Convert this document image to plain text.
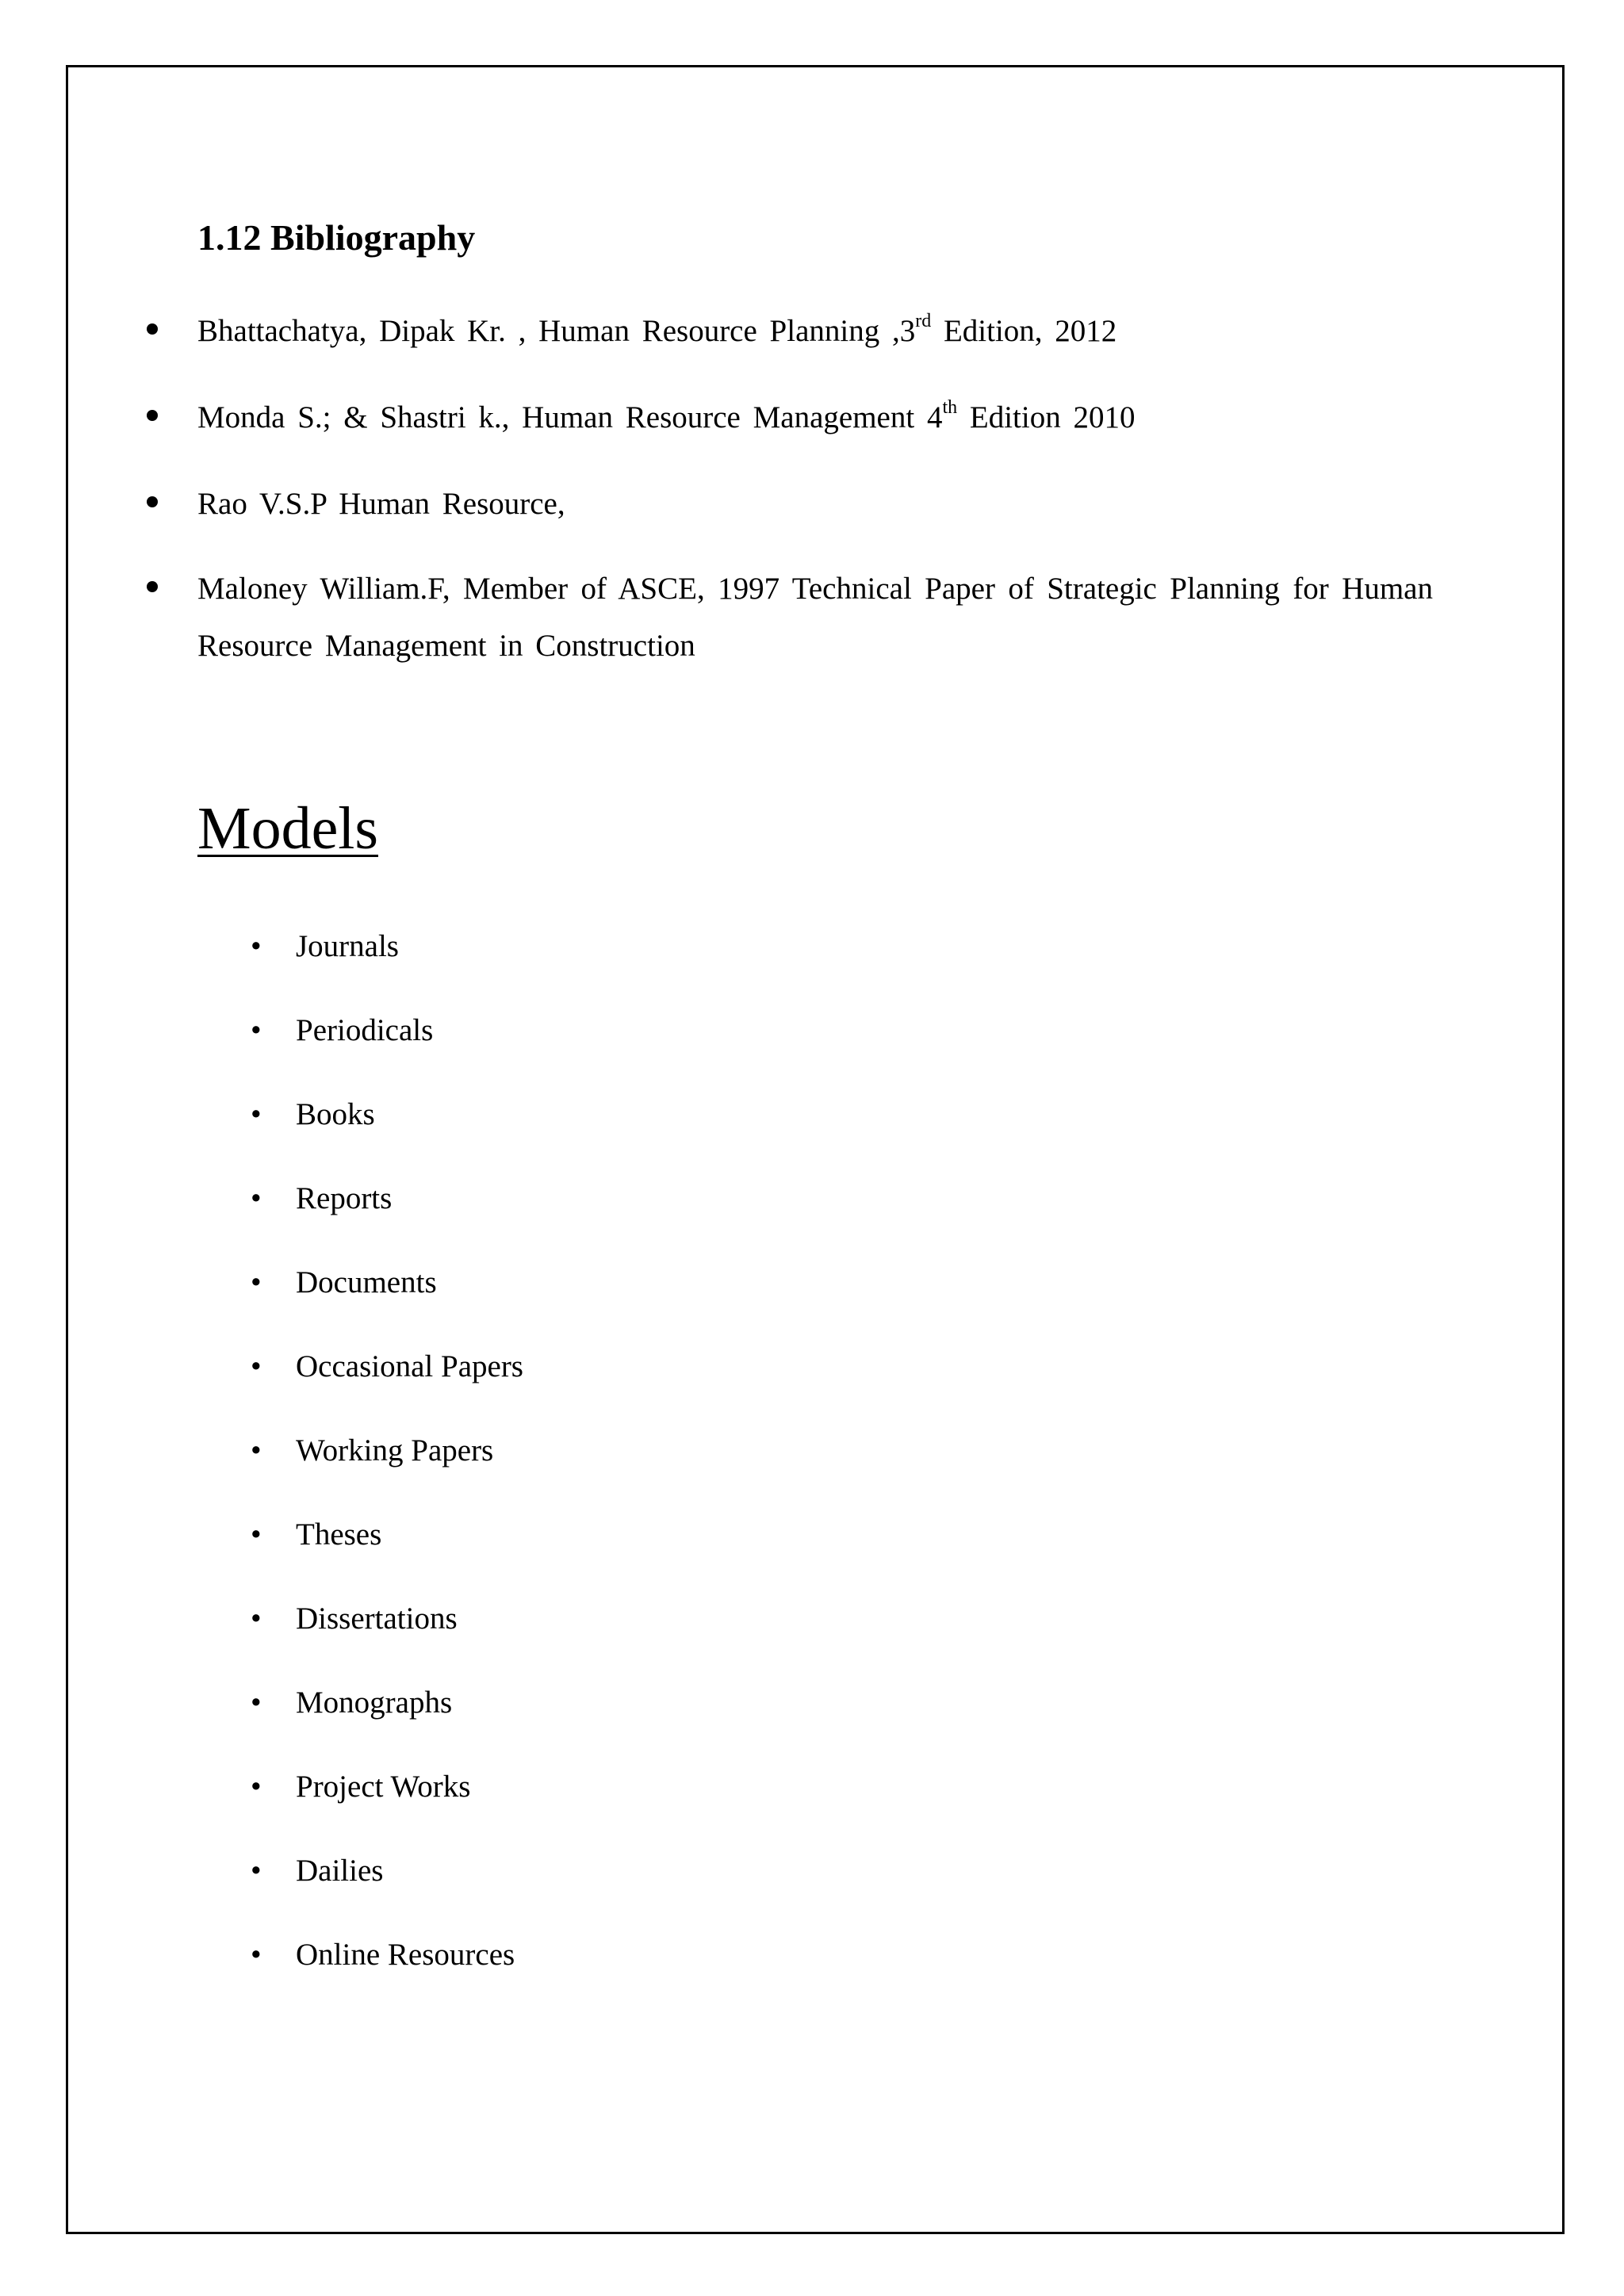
1.12 Bibliography
Bhattachatya, Dipak Kr. , Human Resource Planning ,3rd Edition, 2012
Monda S.; & Shastri k., Human Resource Management 4th Edition 2010
Rao V.S.P Human Resource,
Maloney William.F, Member of ASCE, 1997 Technical Paper of Strategic Planning for Human Resource Management in Construction
Models
• Journals
• Periodicals
• Books
• Reports
• Documents
• Occasional Papers
• Working Papers
• Theses
• Dissertations
• Monographs
• Project Works
• Dailies
• Online Resources
